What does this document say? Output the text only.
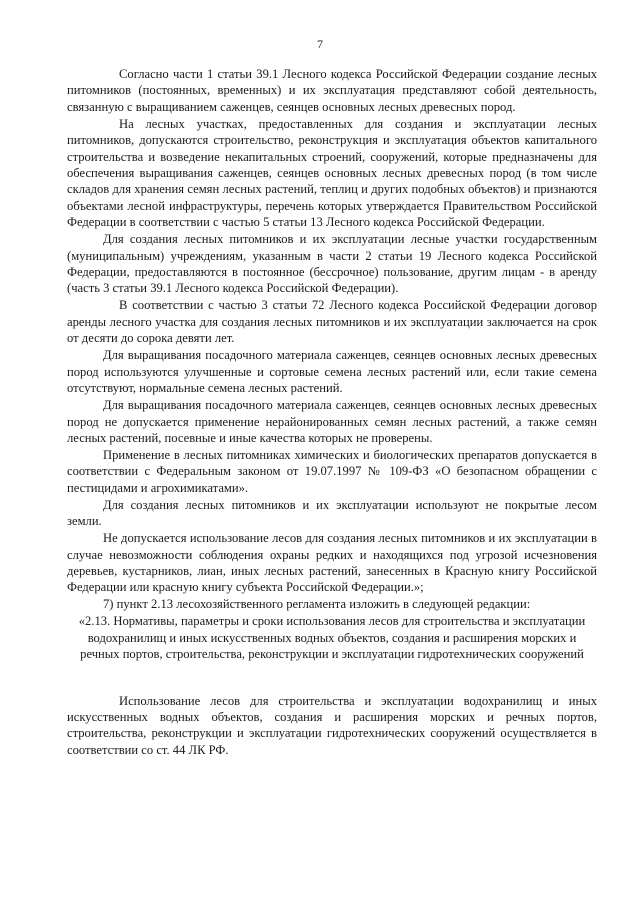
7

Согласно части 1 статьи 39.1 Лесного кодекса Российской Федерации создание лесных питомников (постоянных, временных) и их эксплуатация представляют собой деятельность, связанную с выращиванием саженцев, сеянцев основных лесных древесных пород.

На лесных участках, предоставленных для создания и эксплуатации лесных питомников, допускаются строительство, реконструкция и эксплуатация объектов капитального строительства и возведение некапитальных строений, сооружений, которые предназначены для обеспечения выращивания саженцев, сеянцев основных лесных древесных пород (в том числе складов для хранения семян лесных растений, теплиц и других подобных объектов) и признаются объектами лесной инфраструктуры, перечень которых утверждается Правительством Российской Федерации в соответствии с частью 5 статьи 13 Лесного кодекса Российской Федерации.

Для создания лесных питомников и их эксплуатации лесные участки государственным (муниципальным) учреждениям, указанным в части 2 статьи 19 Лесного кодекса Российской Федерации, предоставляются в постоянное (бессрочное) пользование, другим лицам - в аренду (часть 3 статьи 39.1 Лесного кодекса Российской Федерации).

В соответствии с частью 3 статьи 72 Лесного кодекса Российской Федерации договор аренды лесного участка для создания лесных питомников и их эксплуатации заключается на срок от десяти до сорока девяти лет.

Для выращивания посадочного материала саженцев, сеянцев основных лесных древесных пород используются улучшенные и сортовые семена лесных растений или, если такие семена отсутствуют, нормальные семена лесных растений.

Для выращивания посадочного материала саженцев, сеянцев основных лесных древесных пород не допускается применение нерайонированных семян лесных растений, а также семян лесных растений, посевные и иные качества которых не проверены.

Применение в лесных питомниках химических и биологических препаратов допускается в соответствии с Федеральным законом от 19.07.1997 № 109-ФЗ «О безопасном обращении с пестицидами и агрохимикатами».

Для создания лесных питомников и их эксплуатации используют не покрытые лесом земли.

Не допускается использование лесов для создания лесных питомников и их эксплуатации в случае невозможности соблюдения охраны редких и находящихся под угрозой исчезновения деревьев, кустарников, лиан, иных лесных растений, занесенных в Красную книгу Российской Федерации или красную книгу субъекта Российской Федерации.»;

7) пункт 2.13 лесохозяйственного регламента изложить в следующей редакции:

«2.13. Нормативы, параметры и сроки использования лесов для строительства и эксплуатации водохранилищ и иных искусственных водных объектов, создания и расширения морских и речных портов, строительства, реконструкции и эксплуатации гидротехнических сооружений

Использование лесов для строительства и эксплуатации водохранилищ и иных искусственных водных объектов, создания и расширения морских и речных портов, строительства, реконструкции и эксплуатации гидротехнических сооружений осуществляется в соответствии со ст. 44 ЛК РФ.
